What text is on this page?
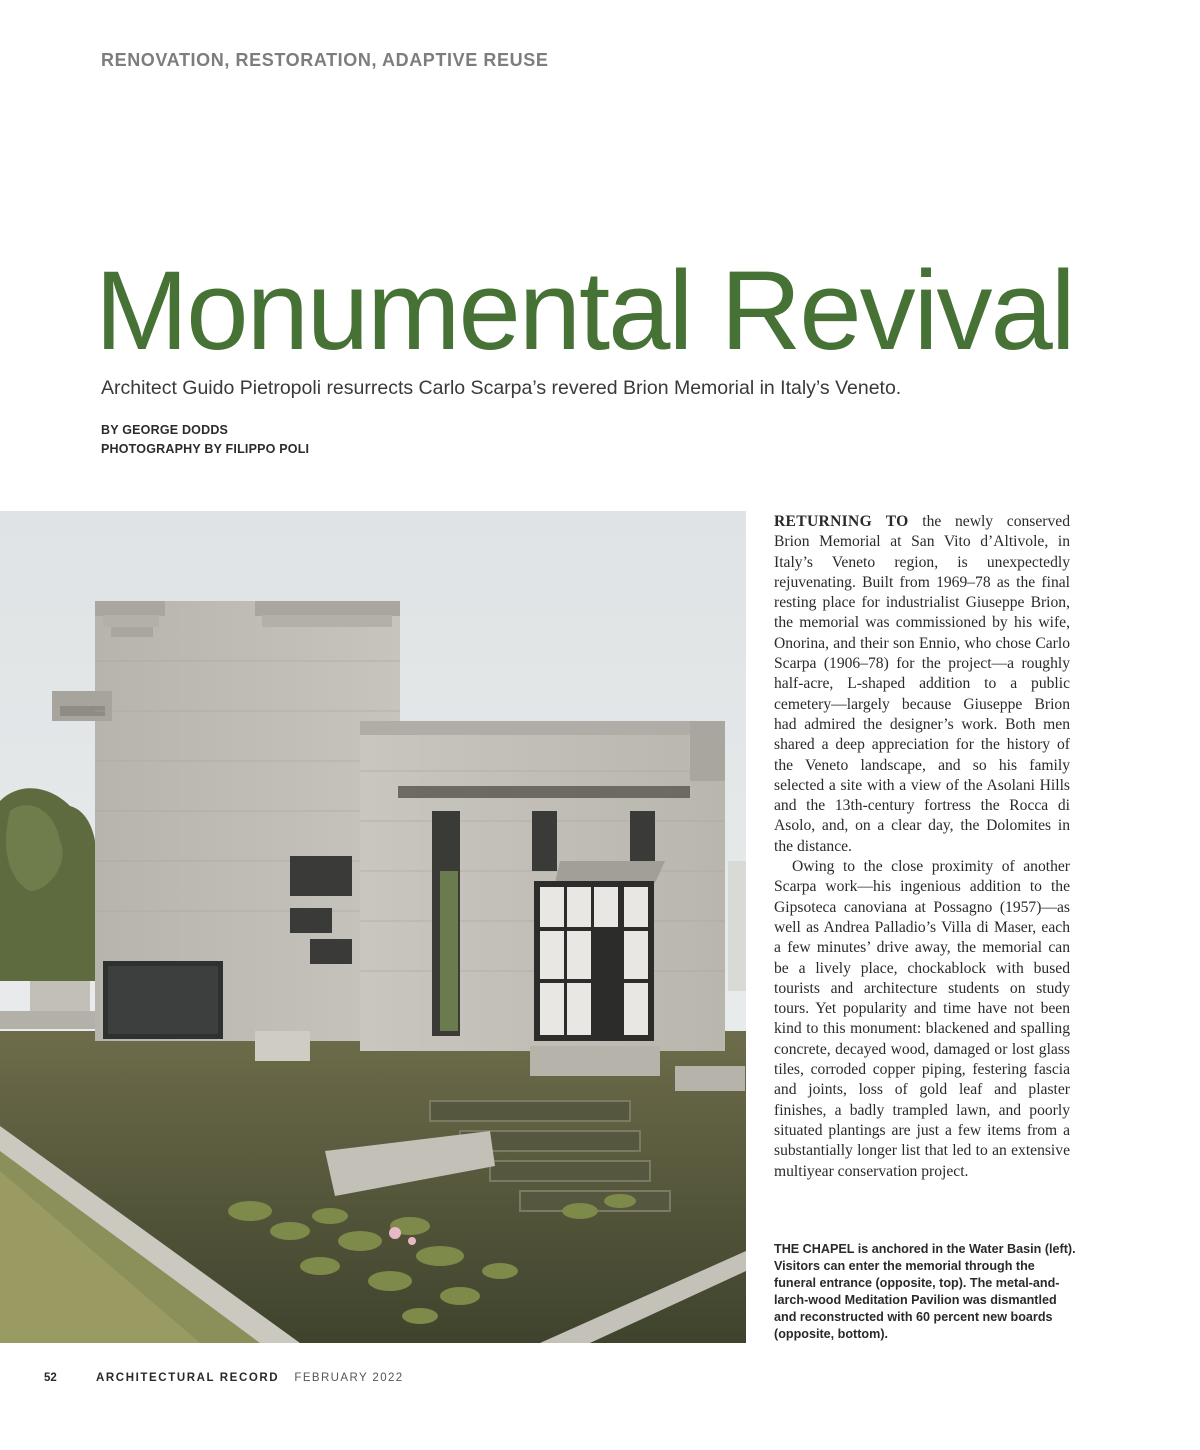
RENOVATION, RESTORATION, ADAPTIVE REUSE
Monumental Revival
Architect Guido Pietropoli resurrects Carlo Scarpa’s revered Brion Memorial in Italy’s Veneto.
BY GEORGE DODDS
PHOTOGRAPHY BY FILIPPO POLI

RETURNING TO the newly conserved Brion Memorial at San Vito d’Altivole, in Italy’s Veneto region, is unexpectedly rejuvenating. Built from 1969–78 as the final resting place for industrialist Giuseppe Brion, the memorial was commissioned by his wife, Onorina, and their son Ennio, who chose Carlo Scarpa (1906–78) for the project—a roughly half-acre, L-shaped addition to a public cemetery—largely because Giuseppe Brion had admired the designer’s work. Both men shared a deep appreciation for the history of the Veneto landscape, and so his family selected a site with a view of the Asolani Hills and the 13th-century fortress the Rocca di Asolo, and, on a clear day, the Dolomites in the distance.

Owing to the close proximity of another Scarpa work—his ingenious addition to the Gipsoteca canoviana at Possagno (1957)—as well as Andrea Palladio’s Villa di Maser, each a few minutes’ drive away, the memorial can be a lively place, chockablock with bused tourists and architecture students on study tours. Yet popularity and time have not been kind to this monument: blackened and spalling concrete, decayed wood, damaged or lost glass tiles, corroded copper piping, festering fascia and joints, loss of gold leaf and plaster finishes, a badly trampled lawn, and poorly situated plantings are just a few items from a substantially longer list that led to an extensive multiyear conservation project.

THE CHAPEL is anchored in the Water Basin (left). Visitors can enter the memorial through the funeral entrance (opposite, top). The metal-and-larch-wood Meditation Pavilion was dismantled and reconstructed with 60 percent new boards (opposite, bottom).
52	ARCHITECTURAL RECORD FEBRUARY 2022
